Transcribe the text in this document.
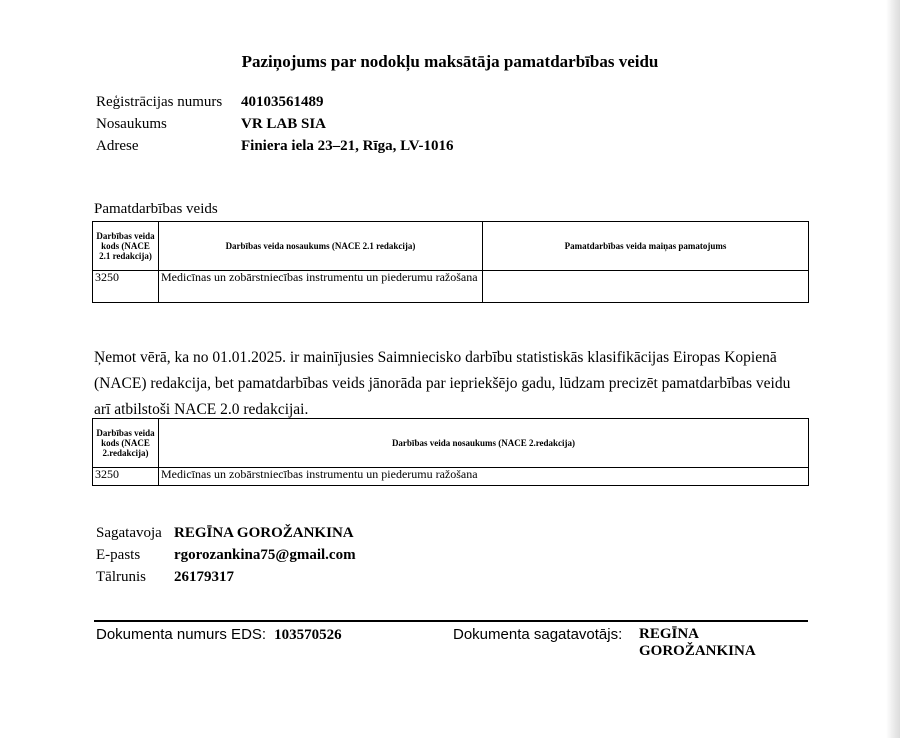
Paziņojums par nodokļu maksātāja pamatdarbības veidu
Reģistrācijas numurs 40103561489
Nosaukums	VR LAB SIA
Adrese	Finiera iela 23–21, Rīga, LV-1016
Pamatdarbības veids
Darbības veida kods (NACE 2.1 redakcija)	Darbības veida nosaukums (NACE 2.1 redakcija)	Pamatdarbības veida maiņas pamatojums
3250	Medicīnas un zobārstniecības instrumentu un piederumu ražošana	
Ņemot vērā, ka no 01.01.2025. ir mainījusies Saimniecisko darbību statistiskās klasifikācijas Eiropas Kopienā (NACE) redakcija, bet pamatdarbības veids jānorāda par iepriekšējo gadu, lūdzam precizēt pamatdarbības veidu arī atbilstoši NACE 2.0 redakcijai.
Darbības veida kods (NACE 2.redakcija)	Darbības veida nosaukums (NACE 2.redakcija)
3250	Medicīnas un zobārstniecības instrumentu un piederumu ražošana
Sagatavoja REGĪNA GOROŽANKINA
E-pasts rgorozankina75@gmail.com
Tālrunis 26179317
Dokumenta numurs EDS: 103570526	Dokumenta sagatavotājs: REGĪNA GOROŽANKINA
